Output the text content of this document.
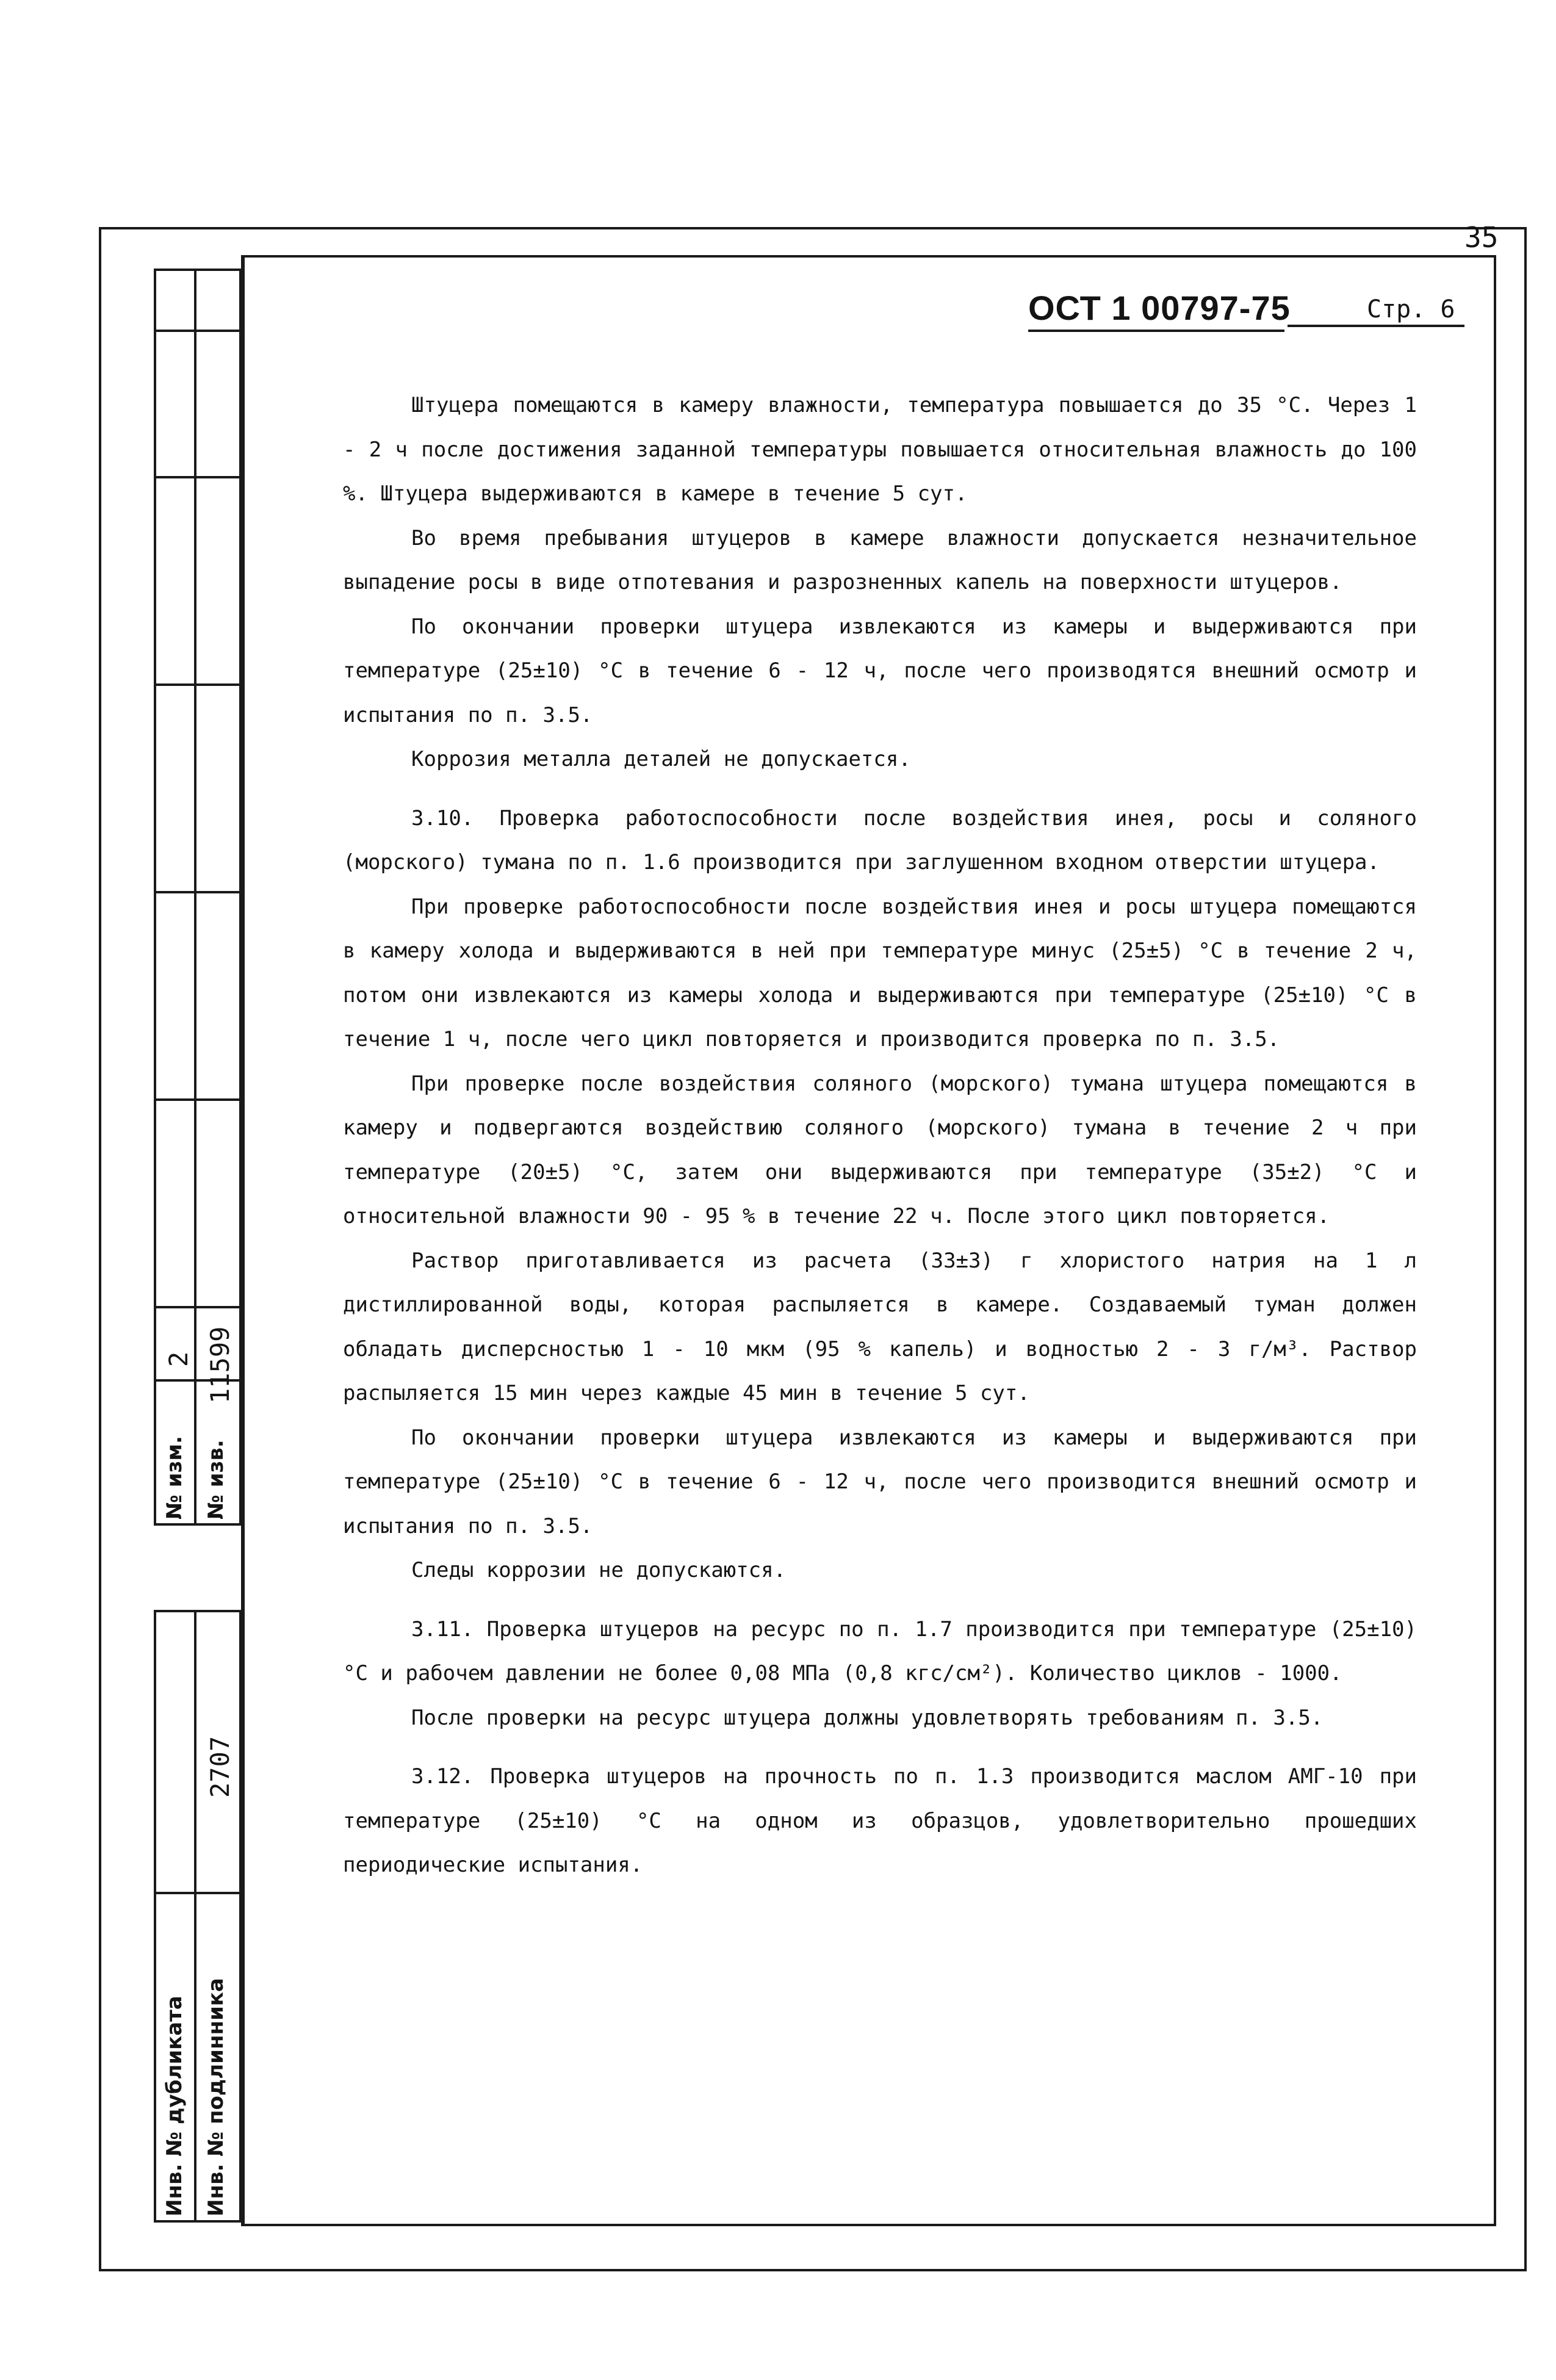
35
ОСТ 1 00797-75	Стр. 6
№ изм. № изв.
2 11599
Инв. № дубликата Инв. № подлинника
2707

Штуцера помещаются в камеру влажности, температура повышается до 35 °С. Через 1 - 2 ч после достижения заданной температуры повышается относительная влажность до 100 %. Штуцера выдерживаются в камере в течение 5 сут.

Во время пребывания штуцеров в камере влажности допускается незначительное выпадение росы в виде отпотевания и разрозненных капель на поверхности штуцеров.

По окончании проверки штуцера извлекаются из камеры и выдерживаются при температуре (25±10) °С в течение 6 - 12 ч, после чего производятся внешний осмотр и испытания по п. 3.5.

Коррозия металла деталей не допускается.

3.10. Проверка работоспособности после воздействия инея, росы и соляного (морского) тумана по п. 1.6 производится при заглушенном входном отверстии штуцера.

При проверке работоспособности после воздействия инея и росы штуцера помещаются в камеру холода и выдерживаются в ней при температуре минус (25±5) °С в течение 2 ч, потом они извлекаются из камеры холода и выдерживаются при температуре (25±10) °С в течение 1 ч, после чего цикл повторяется и производится проверка по п. 3.5.

При проверке после воздействия соляного (морского) тумана штуцера помещаются в камеру и подвергаются воздействию соляного (морского) тумана в течение 2 ч при температуре (20±5) °С, затем они выдерживаются при температуре (35±2) °С и относительной влажности 90 - 95 % в течение 22 ч. После этого цикл повторяется.

Раствор приготавливается из расчета (33±3) г хлористого натрия на 1 л дистиллированной воды, которая распыляется в камере. Создаваемый туман должен обладать дисперсностью 1 - 10 мкм (95 % капель) и водностью 2 - 3 г/м³. Раствор распыляется 15 мин через каждые 45 мин в течение 5 сут.

По окончании проверки штуцера извлекаются из камеры и выдерживаются при температуре (25±10) °С в течение 6 - 12 ч, после чего производится внешний осмотр и испытания по п. 3.5.

Следы коррозии не допускаются.

3.11. Проверка штуцеров на ресурс по п. 1.7 производится при температуре (25±10) °С и рабочем давлении не более 0,08 МПа (0,8 кгс/см²). Количество циклов - 1000.

После проверки на ресурс штуцера должны удовлетворять требованиям п. 3.5.

3.12. Проверка штуцеров на прочность по п. 1.3 производится маслом АМГ-10 при температуре (25±10) °С на одном из образцов, удовлетворительно прошедших периодические испытания.
